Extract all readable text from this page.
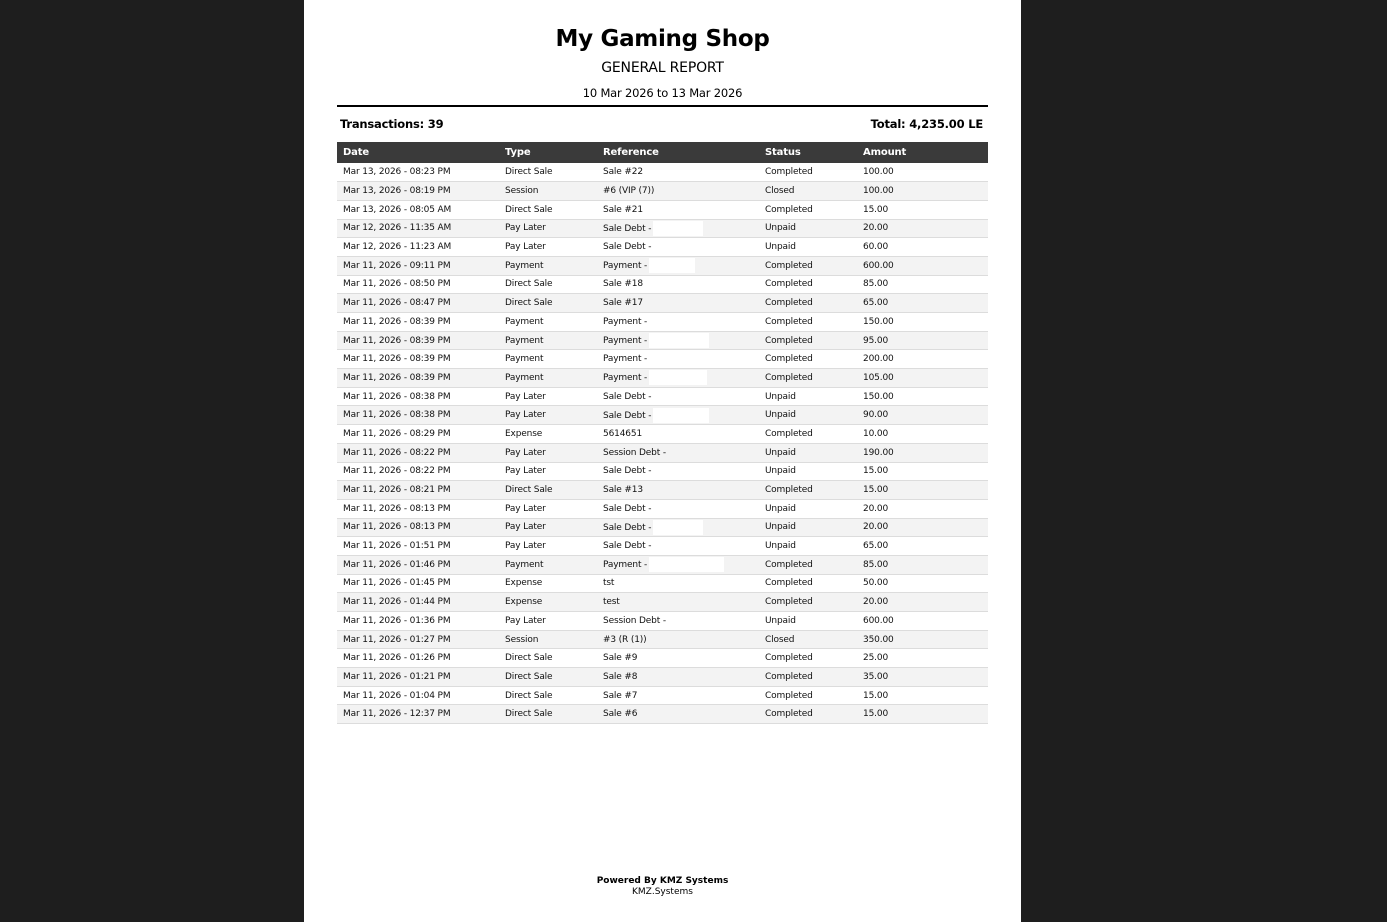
My Gaming Shop
GENERAL REPORT
10 Mar 2026 to 13 Mar 2026
Transactions: 39	Total: 4,235.00 LE
Date	Type	Reference	Status	Amount
Mar 13, 2026 - 08:23 PM	Direct Sale	Sale #22	Completed	100.00
Mar 13, 2026 - 08:19 PM	Session	#6 (VIP (7))	Closed	100.00
Mar 13, 2026 - 08:05 AM	Direct Sale	Sale #21	Completed	15.00
Mar 12, 2026 - 11:35 AM	Pay Later	Sale Debt -	Unpaid	20.00
Mar 12, 2026 - 11:23 AM	Pay Later	Sale Debt -	Unpaid	60.00
Mar 11, 2026 - 09:11 PM	Payment	Payment -	Completed	600.00
Mar 11, 2026 - 08:50 PM	Direct Sale	Sale #18	Completed	85.00
Mar 11, 2026 - 08:47 PM	Direct Sale	Sale #17	Completed	65.00
Mar 11, 2026 - 08:39 PM	Payment	Payment -	Completed	150.00
Mar 11, 2026 - 08:39 PM	Payment	Payment -	Completed	95.00
Mar 11, 2026 - 08:39 PM	Payment	Payment -	Completed	200.00
Mar 11, 2026 - 08:39 PM	Payment	Payment -	Completed	105.00
Mar 11, 2026 - 08:38 PM	Pay Later	Sale Debt -	Unpaid	150.00
Mar 11, 2026 - 08:38 PM	Pay Later	Sale Debt -	Unpaid	90.00
Mar 11, 2026 - 08:29 PM	Expense	5614651	Completed	10.00
Mar 11, 2026 - 08:22 PM	Pay Later	Session Debt -	Unpaid	190.00
Mar 11, 2026 - 08:22 PM	Pay Later	Sale Debt -	Unpaid	15.00
Mar 11, 2026 - 08:21 PM	Direct Sale	Sale #13	Completed	15.00
Mar 11, 2026 - 08:13 PM	Pay Later	Sale Debt -	Unpaid	20.00
Mar 11, 2026 - 08:13 PM	Pay Later	Sale Debt -	Unpaid	20.00
Mar 11, 2026 - 01:51 PM	Pay Later	Sale Debt -	Unpaid	65.00
Mar 11, 2026 - 01:46 PM	Payment	Payment -	Completed	85.00
Mar 11, 2026 - 01:45 PM	Expense	tst	Completed	50.00
Mar 11, 2026 - 01:44 PM	Expense	test	Completed	20.00
Mar 11, 2026 - 01:36 PM	Pay Later	Session Debt -	Unpaid	600.00
Mar 11, 2026 - 01:27 PM	Session	#3 (R (1))	Closed	350.00
Mar 11, 2026 - 01:26 PM	Direct Sale	Sale #9	Completed	25.00
Mar 11, 2026 - 01:21 PM	Direct Sale	Sale #8	Completed	35.00
Mar 11, 2026 - 01:04 PM	Direct Sale	Sale #7	Completed	15.00
Mar 11, 2026 - 12:37 PM	Direct Sale	Sale #6	Completed	15.00
Powered By KMZ Systems
KMZ.Systems
